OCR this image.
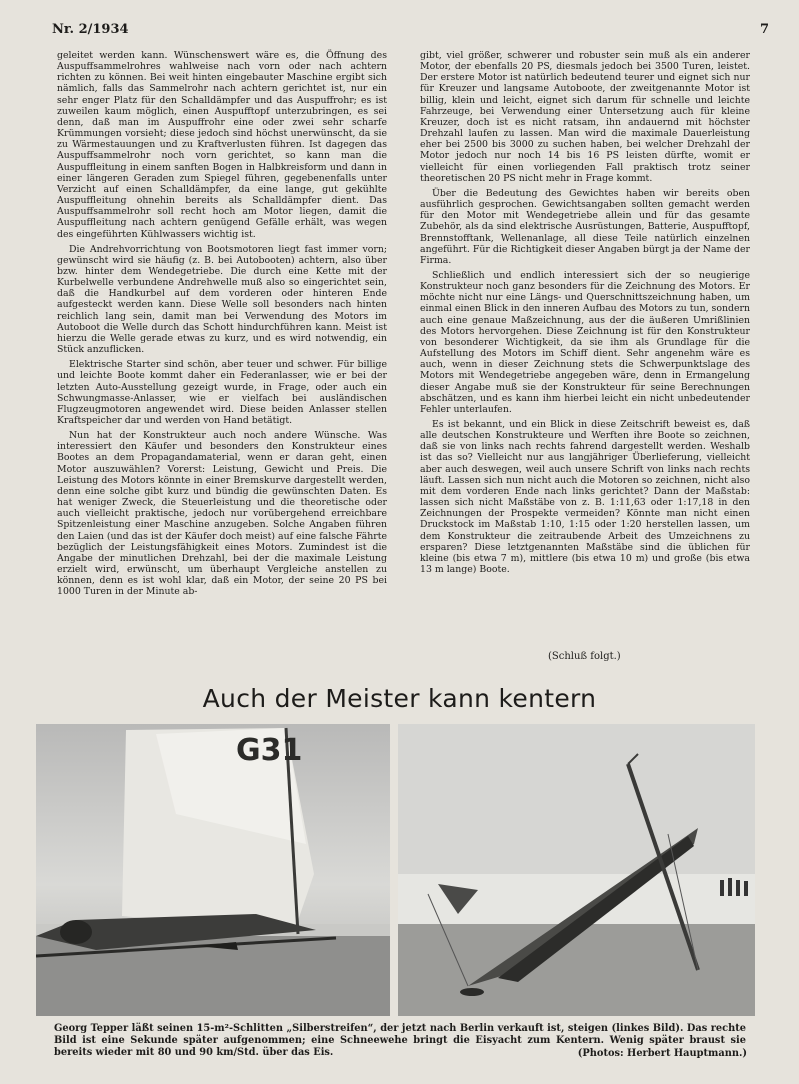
Nr. 2/1934	7

geleitet werden kann. Wünschenswert wäre es, die Öffnung des Auspuffsammelrohres wahlweise nach vorn oder nach achtern richten zu können. Bei weit hinten eingebauter Maschine ergibt sich nämlich, falls das Sammelrohr nach achtern gerichtet ist, nur ein sehr enger Platz für den Schalldämpfer und das Auspuffrohr; es ist zuweilen kaum möglich, einen Auspufftopf unterzubringen, es sei denn, daß man im Auspuffrohr eine oder zwei sehr scharfe Krümmungen vorsieht; diese jedoch sind höchst unerwünscht, da sie zu Wärmestauungen und zu Kraftverlusten führen. Ist dagegen das Auspuffsammelrohr noch vorn gerichtet, so kann man die Auspuffleitung in einem sanften Bogen in Halbkreisform und dann in einer längeren Geraden zum Spiegel führen, gegebenenfalls unter Verzicht auf einen Schalldämpfer, da eine lange, gut gekühlte Auspuffleitung ohnehin bereits als Schalldämpfer dient. Das Auspuffsammelrohr soll recht hoch am Motor liegen, damit die Auspuffleitung nach achtern genügend Gefälle erhält, was wegen des eingeführten Kühlwassers wichtig ist.

Die Andrehvorrichtung von Bootsmotoren liegt fast immer vorn; gewünscht wird sie häufig (z. B. bei Autobooten) achtern, also über bzw. hinter dem Wendegetriebe. Die durch eine Kette mit der Kurbelwelle verbundene Andrehwelle muß also so eingerichtet sein, daß die Handkurbel auf dem vorderen oder hinteren Ende aufgesteckt werden kann. Diese Welle soll besonders nach hinten reichlich lang sein, damit man bei Verwendung des Motors im Autoboot die Welle durch das Schott hindurchführen kann. Meist ist hierzu die Welle gerade etwas zu kurz, und es wird notwendig, ein Stück anzuflicken.

Elektrische Starter sind schön, aber teuer und schwer. Für billige und leichte Boote kommt daher ein Federanlasser, wie er bei der letzten Auto-Ausstellung gezeigt wurde, in Frage, oder auch ein Schwungmasse-Anlasser, wie er vielfach bei ausländischen Flugzeugmotoren angewendet wird. Diese beiden Anlasser stellen Kraftspeicher dar und werden von Hand betätigt.

Nun hat der Konstrukteur auch noch andere Wünsche. Was interessiert den Käufer und besonders den Konstrukteur eines Bootes an dem Propagandamaterial, wenn er daran geht, einen Motor auszuwählen? Vorerst: Leistung, Gewicht und Preis. Die Leistung des Motors könnte in einer Bremskurve dargestellt werden, denn eine solche gibt kurz und bündig die gewünschten Daten. Es hat weniger Zweck, die Steuerleistung und die theoretische oder auch vielleicht praktische, jedoch nur vorübergehend erreichbare Spitzenleistung einer Maschine anzugeben. Solche Angaben führen den Laien (und das ist der Käufer doch meist) auf eine falsche Fährte bezüglich der Leistungsfähigkeit eines Motors. Zumindest ist die Angabe der minutlichen Drehzahl, bei der die maximale Leistung erzielt wird, erwünscht, um überhaupt Vergleiche anstellen zu können, denn es ist wohl klar, daß ein Motor, der seine 20 PS bei 1000 Turen in der Minute ab-

gibt, viel größer, schwerer und robuster sein muß als ein anderer Motor, der ebenfalls 20 PS, diesmals jedoch bei 3500 Turen, leistet. Der erstere Motor ist natürlich bedeutend teurer und eignet sich nur für Kreuzer und langsame Autoboote, der zweitgenannte Motor ist billig, klein und leicht, eignet sich darum für schnelle und leichte Fahrzeuge, bei Verwendung einer Untersetzung auch für kleine Kreuzer, doch ist es nicht ratsam, ihn andauernd mit höchster Drehzahl laufen zu lassen. Man wird die maximale Dauerleistung eher bei 2500 bis 3000 zu suchen haben, bei welcher Drehzahl der Motor jedoch nur noch 14 bis 16 PS leisten dürfte, womit er vielleicht für einen vorliegenden Fall praktisch trotz seiner theoretischen 20 PS nicht mehr in Frage kommt.

Über die Bedeutung des Gewichtes haben wir bereits oben ausführlich gesprochen. Gewichtsangaben sollten gemacht werden für den Motor mit Wendegetriebe allein und für das gesamte Zubehör, als da sind elektrische Ausrüstungen, Batterie, Auspufftopf, Brennstofftank, Wellenanlage, all diese Teile natürlich einzelnen angeführt. Für die Richtigkeit dieser Angaben bürgt ja der Name der Firma.

Schließlich und endlich interessiert sich der so neugierige Konstrukteur noch ganz besonders für die Zeichnung des Motors. Er möchte nicht nur eine Längs- und Querschnittszeichnung haben, um einmal einen Blick in den inneren Aufbau des Motors zu tun, sondern auch eine genaue Maßzeichnung, aus der die äußeren Umrißlinien des Motors hervorgehen. Diese Zeichnung ist für den Konstrukteur von besonderer Wichtigkeit, da sie ihm als Grundlage für die Aufstellung des Motors im Schiff dient. Sehr angenehm wäre es auch, wenn in dieser Zeichnung stets die Schwerpunktslage des Motors mit Wendegetriebe angegeben wäre, denn in Ermangelung dieser Angabe muß sie der Konstrukteur für seine Berechnungen abschätzen, und es kann ihm hierbei leicht ein nicht unbedeutender Fehler unterlaufen.

Es ist bekannt, und ein Blick in diese Zeitschrift beweist es, daß alle deutschen Konstrukteure und Werften ihre Boote so zeichnen, daß sie von links nach rechts fahrend dargestellt werden. Weshalb ist das so? Vielleicht nur aus langjähriger Überlieferung, vielleicht aber auch deswegen, weil auch unsere Schrift von links nach rechts läuft. Lassen sich nun nicht auch die Motoren so zeichnen, nicht also mit dem vorderen Ende nach links gerichtet? Dann der Maßstab: lassen sich nicht Maßstäbe von z. B. 1:11,63 oder 1:17,18 in den Zeichnungen der Prospekte vermeiden? Könnte man nicht einen Druckstock im Maßstab 1:10, 1:15 oder 1:20 herstellen lassen, um dem Konstrukteur die zeitraubende Arbeit des Umzeichnens zu ersparen? Diese letztgenannten Maßstäbe sind die üblichen für kleine (bis etwa 7 m), mittlere (bis etwa 10 m) und große (bis etwa 13 m lange) Boote.

(Schluß folgt.)
Auch der Meister kann kentern
G31
Georg Tepper läßt seinen 15-m²-Schlitten „Silberstreifen“, der jetzt nach Berlin verkauft ist, steigen (linkes Bild). Das rechte Bild ist eine Sekunde später aufgenommen; eine Schneewehe bringt die Eisyacht zum Kentern. Wenig später braust sie bereits wieder mit 80 und 90 km/Std. über das Eis.	(Photos: Herbert Hauptmann.)
